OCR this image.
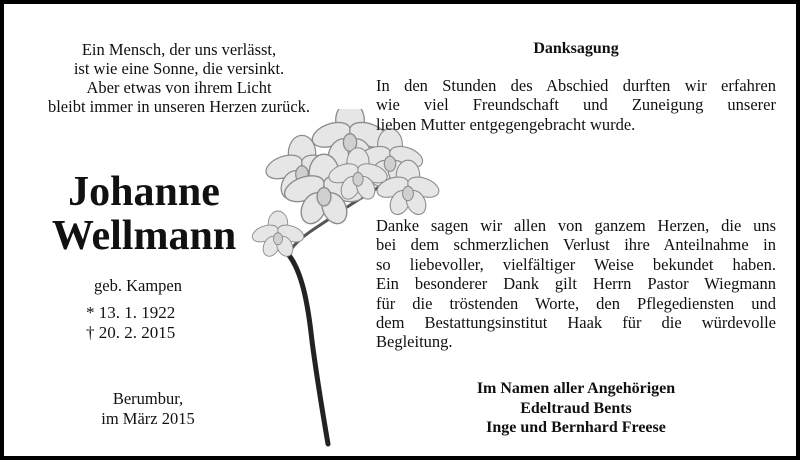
Ein Mensch, der uns verlässt,
ist wie eine Sonne, die versinkt.
Aber etwas von ihrem Licht
bleibt immer in unseren Herzen zurück.
Johanne
Wellmann
geb. Kampen
* 13. 1. 1922
† 20. 2. 2015
Berumbur,
im März 2015
Danksagung
In den Stunden des Abschied durften wir erfahren
wie viel Freundschaft und Zuneigung unserer
lieben Mutter entgegengebracht wurde.
Danke sagen wir allen von ganzem Herzen, die uns
bei dem schmerzlichen Verlust ihre Anteilnahme in
so liebevoller, vielfältiger Weise bekundet haben.
Ein besonderer Dank gilt Herrn Pastor Wiegmann
für die tröstenden Worte, den Pflegediensten und
dem Bestattungsinstitut Haak für die würdevolle
Begleitung.
Im Namen aller Angehörigen
Edeltraud Bents
Inge und Bernhard Freese
